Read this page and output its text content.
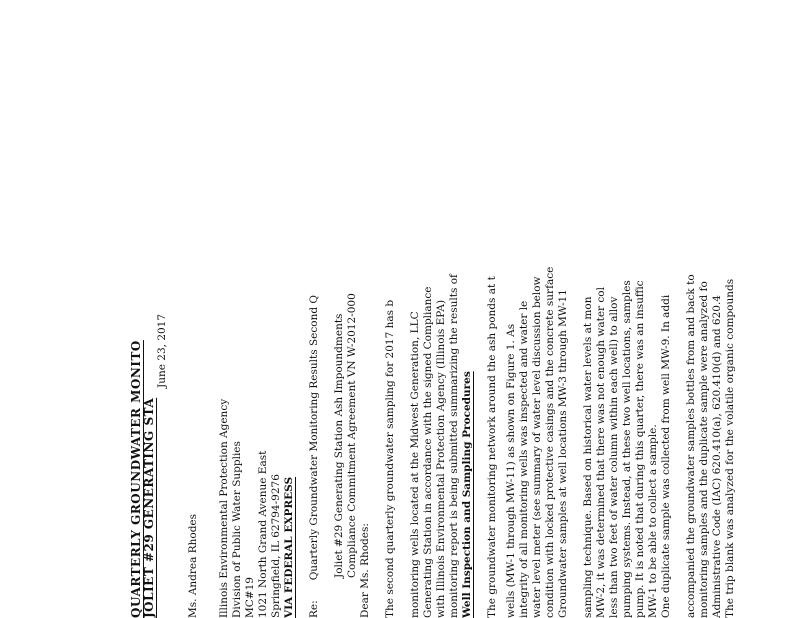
QUARTERLY GROUNDWATER MONITO JOLIET #29 GENERATING STA
June 23, 2017
Ms. Andrea Rhodes Illinois Environmental Protection Agency Division of Public Water Supplies MC#19 1021 North Grand Avenue East Springfield, IL 62794-9276 VIA FEDERAL EXPRESS Re:      Quarterly Groundwater Monitoring Results Second Q Joliet #29 Generating Station Ash Impoundments Compliance Commitment Agreement VN W-2012-000 Dear Ms. Rhodes: The second quarterly groundwater sampling for 2017 has b monitoring wells located at the Midwest Generation, LLC Generating Station in accordance with the signed Compliance with Illinois Environmental Protection Agency (Illinois EPA) monitoring report is being submitted summarizing the results of Well Inspection and Sampling Procedures The groundwater monitoring network around the ash ponds at t wells (MW-1 through MW-11) as shown on Figure 1. As integrity of all monitoring wells was inspected and water le water level meter (see summary of water level discussion below condition with locked protective casings and the concrete surface Groundwater samples at well locations MW-3 through MW-11 sampling technique. Based on historical water levels at mon MW-2, it was determined that there was not enough water col less than two feet of water column within each well) to allov pumping systems. Instead, at these two well locations, samples pump. It is noted that during this quarter, there was an insuffic MW-1 to be able to collect a sample. One duplicate sample was collected from well MW-9. In addi accompanied the groundwater samples bottles from and back to monitoring samples and the duplicate sample were analyzed fo Administrative Code (IAC) 620.410(a), 620.410(d) and 620.4 The trip blank was analyzed for the volatile organic compounds
